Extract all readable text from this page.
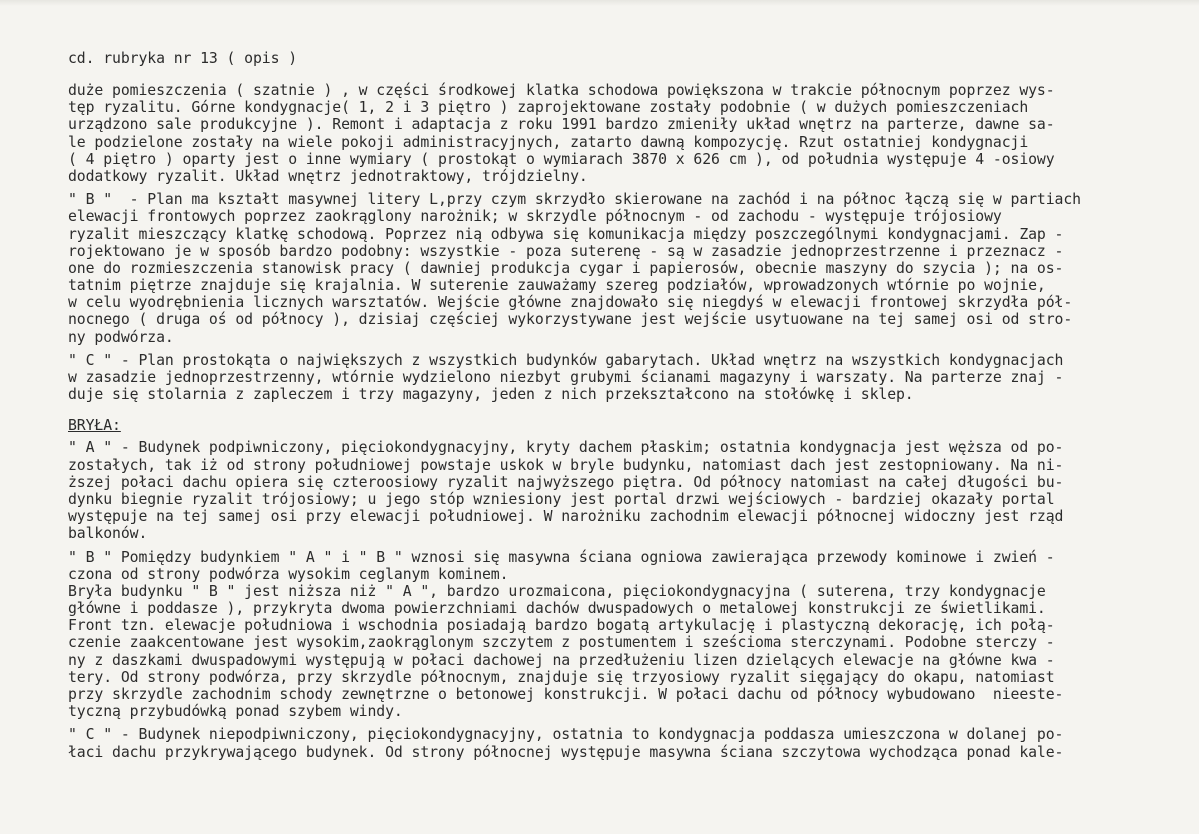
cd. rubryka nr 13 ( opis )
duże pomieszczenia ( szatnie ) , w części środkowej klatka schodowa powiększona w trakcie północnym poprzez wys-
tęp ryzalitu. Górne kondygnacje( 1, 2 i 3 piętro ) zaprojektowane zostały podobnie ( w dużych pomieszczeniach
urządzono sale produkcyjne ). Remont i adaptacja z roku 1991 bardzo zmieniły układ wnętrz na parterze, dawne sa-
le podzielone zostały na wiele pokoji administracyjnych, zatarto dawną kompozycję. Rzut ostatniej kondygnacji
( 4 piętro ) oparty jest o inne wymiary ( prostokąt o wymiarach 3870 x 626 cm ), od południa występuje 4 -osiowy
dodatkowy ryzalit. Układ wnętrz jednotraktowy, trójdzielny.
" B "  - Plan ma kształt masywnej litery L,przy czym skrzydło skierowane na zachód i na północ łączą się w partiach
elewacji frontowych poprzez zaokrąglony narożnik; w skrzydle północnym - od zachodu - występuje trójosiowy
ryzalit mieszczący klatkę schodową. Poprzez nią odbywa się komunikacja między poszczególnymi kondygnacjami. Zap -
rojektowano je w sposób bardzo podobny: wszystkie - poza suterenę - są w zasadzie jednoprzestrzenne i przeznacz -
one do rozmieszczenia stanowisk pracy ( dawniej produkcja cygar i papierosów, obecnie maszyny do szycia ); na os-
tatnim piętrze znajduje się krajalnia. W suterenie zauważamy szereg podziałów, wprowadzonych wtórnie po wojnie,
w celu wyodrębnienia licznych warsztatów. Wejście główne znajdowało się niegdyś w elewacji frontowej skrzydła pół-
nocnego ( druga oś od północy ), dzisiaj częściej wykorzystywane jest wejście usytuowane na tej samej osi od stro-
ny podwórza.
" C " - Plan prostokąta o największych z wszystkich budynków gabarytach. Układ wnętrz na wszystkich kondygnacjach
w zasadzie jednoprzestrzenny, wtórnie wydzielono niezbyt grubymi ścianami magazyny i warszaty. Na parterze znaj -
duje się stolarnia z zapleczem i trzy magazyny, jeden z nich przekształcono na stołówkę i sklep.
BRYŁA:
" A " - Budynek podpiwniczony, pięciokondygnacyjny, kryty dachem płaskim; ostatnia kondygnacja jest węższa od po-
zostałych, tak iż od strony południowej powstaje uskok w bryle budynku, natomiast dach jest zestopniowany. Na ni-
ższej połaci dachu opiera się czteroosiowy ryzalit najwyższego piętra. Od północy natomiast na całej długości bu-
dynku biegnie ryzalit trójosiowy; u jego stóp wzniesiony jest portal drzwi wejściowych - bardziej okazały portal
występuje na tej samej osi przy elewacji południowej. W narożniku zachodnim elewacji północnej widoczny jest rząd
balkonów.
" B " Pomiędzy budynkiem " A " i " B " wznosi się masywna ściana ogniowa zawierająca przewody kominowe i zwień -
czona od strony podwórza wysokim ceglanym kominem.
Bryła budynku " B " jest niższa niż " A ", bardzo urozmaicona, pięciokondygnacyjna ( suterena, trzy kondygnacje
główne i poddasze ), przykryta dwoma powierzchniami dachów dwuspadowych o metalowej konstrukcji ze świetlikami.
Front tzn. elewacje południowa i wschodnia posiadają bardzo bogatą artykulację i plastyczną dekorację, ich połą-
czenie zaakcentowane jest wysokim,zaokrąglonym szczytem z postumentem i sześcioma sterczynami. Podobne sterczy -
ny z daszkami dwuspadowymi występują w połaci dachowej na przedłużeniu lizen dzielących elewacje na główne kwa -
tery. Od strony podwórza, przy skrzydle północnym, znajduje się trzyosiowy ryzalit sięgający do okapu, natomiast
przy skrzydle zachodnim schody zewnętrzne o betonowej konstrukcji. W połaci dachu od północy wybudowano  nieeste-
tyczną przybudówką ponad szybem windy.
" C " - Budynek niepodpiwniczony, pięciokondygnacyjny, ostatnia to kondygnacja poddasza umieszczona w dolanej po-
łaci dachu przykrywającego budynek. Od strony północnej występuje masywna ściana szczytowa wychodząca ponad kale-
